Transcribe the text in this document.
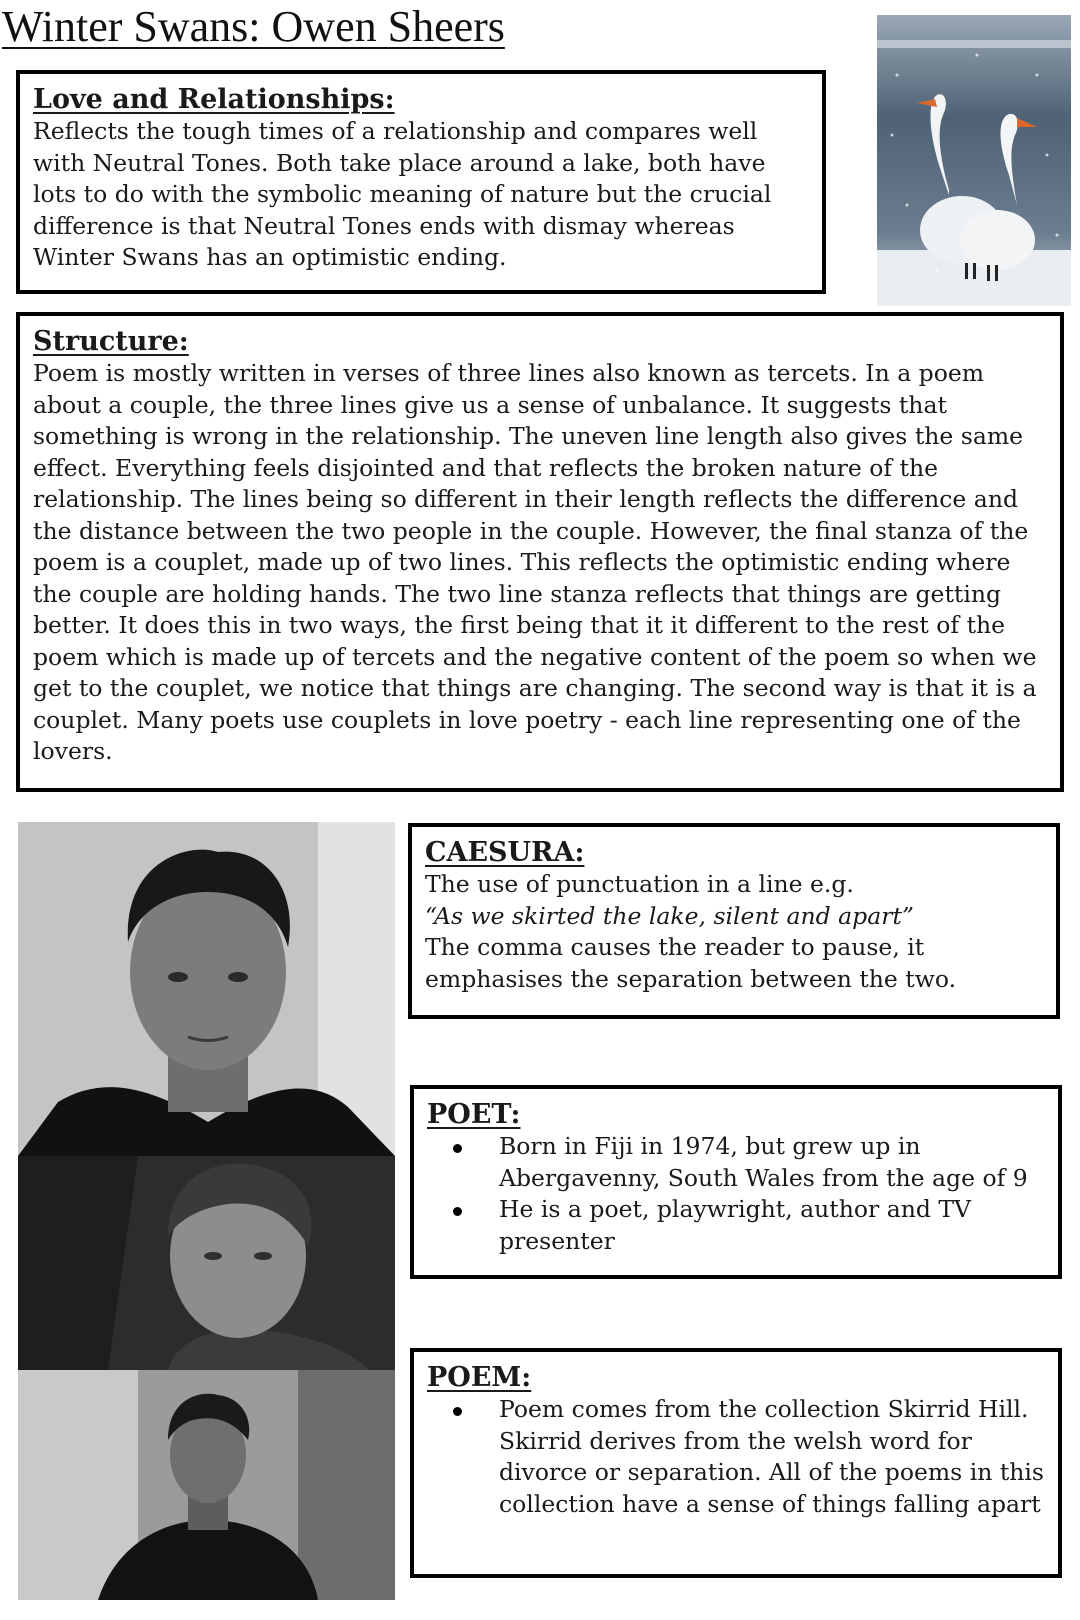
Winter Swans: Owen Sheers
Love and Relationships:

Reflects the tough times of a relationship and compares well with Neutral Tones. Both take place around a lake, both have lots to do with the symbolic meaning of nature but the crucial difference is that Neutral Tones ends with dismay whereas Winter Swans has an optimistic ending.

Structure:

Poem is mostly written in verses of three lines also known as tercets. In a poem about a couple, the three lines give us a sense of unbalance. It suggests that something is wrong in the relationship. The uneven line length also gives the same effect. Everything feels disjointed and that reflects the broken nature of the relationship. The lines being so different in their length reflects the difference and the distance between the two people in the couple. However, the final stanza of the poem is a couplet, made up of two lines. This reflects the optimistic ending where the couple are holding hands. The two line stanza reflects that things are getting better. It does this in two ways, the first being that it it different to the rest of the poem which is made up of tercets and the negative content of the poem so when we get to the couplet, we notice that things are changing. The second way is that it is a couplet. Many poets use couplets in love poetry - each line representing one of the lovers.

CAESURA:

The use of punctuation in a line e.g.

“As we skirted the lake, silent and apart”

The comma causes the reader to pause, it emphasises the separation between the two.

POET:
Born in Fiji in 1974, but grew up in Abergavenny, South Wales from the age of 9
He is a poet, playwright, author and TV presenter
POEM:
Poem comes from the collection Skirrid Hill. Skirrid derives from the welsh word for divorce or separation. All of the poems in this collection have a sense of things falling apart
